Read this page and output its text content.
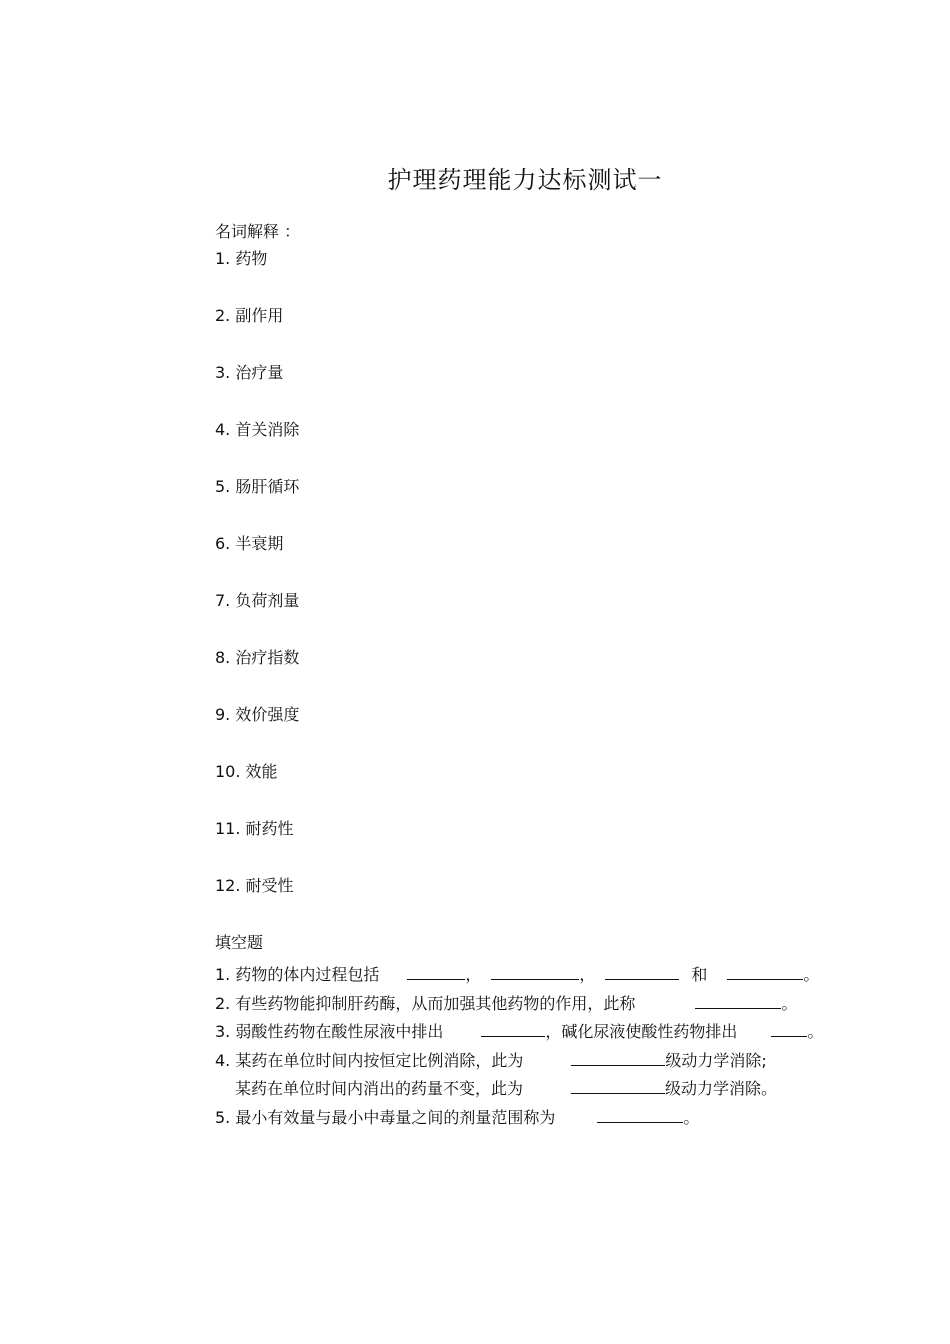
护理药理能力达标测试一
名词解释 ：
1. 药物
2. 副作用
3. 治疗量
4. 首关消除
5. 肠肝循环
6. 半衰期
7. 负荷剂量
8. 治疗指数
9. 效价强度
10. 效能
11. 耐药性
12. 耐受性
填空题
1. 药物的体内过程包括	，	，	和	。
2. 有些药物能抑制肝药酶，从而加强其他药物的作用，此称	。
3. 弱酸性药物在酸性尿液中排出	，碱化尿液使酸性药物排出	。
4. 某药在单位时间内按恒定比例消除，此为	级动力学消除;
某药在单位时间内消出的药量不变，此为	级动力学消除。
5. 最小有效量与最小中毒量之间的剂量范围称为	。
